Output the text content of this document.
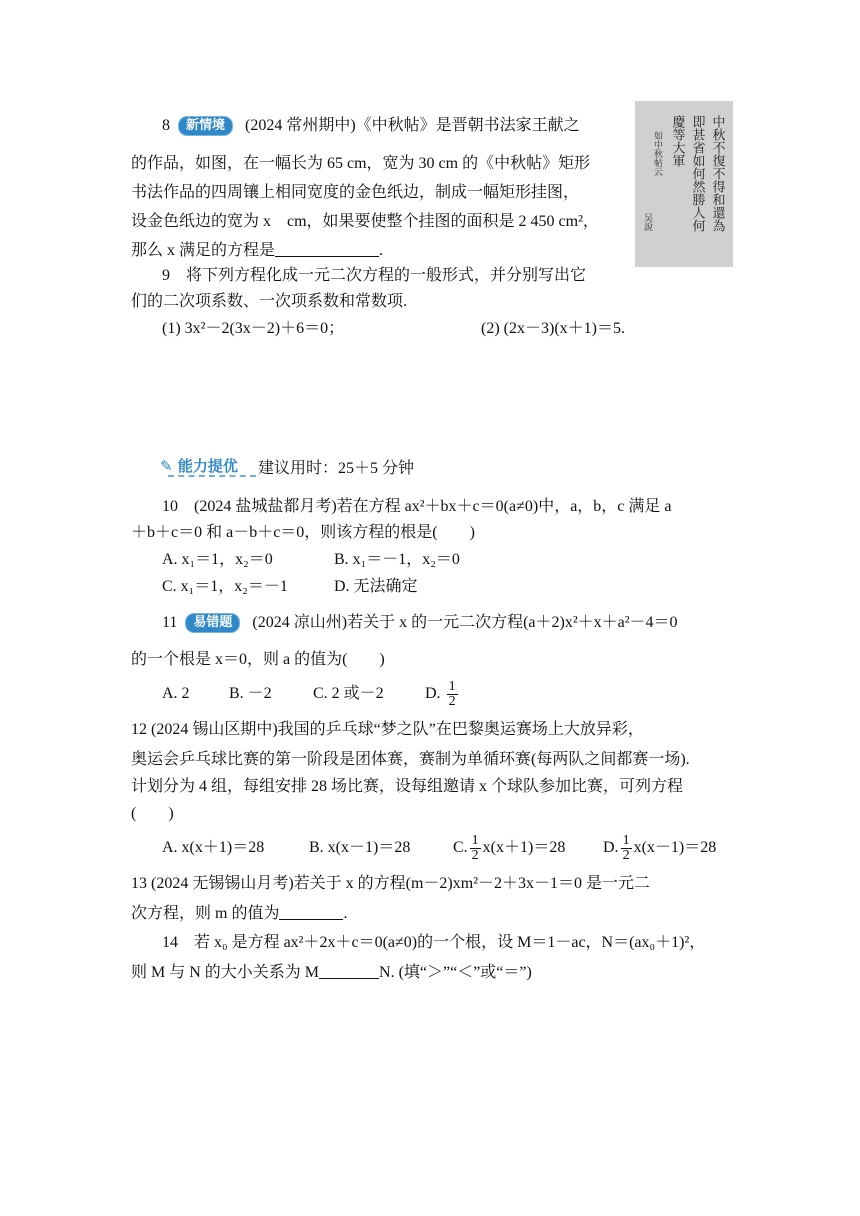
8 新情境 (2024 常州期中)《中秋帖》是晋朝书法家王献之
的作品，如图，在一幅长为 65 cm，宽为 30 cm 的《中秋帖》矩形
书法作品的四周镶上相同宽度的金色纸边，制成一幅矩形挂图，
设金色纸边的宽为 x　cm，如果要使整个挂图的面积是 2 450 cm²，
那么 x 满足的方程是	.
中秋不復不得和還為
即甚省如何然勝人何
慶等大軍
如中秋帖云
吴說
9 将下列方程化成一元二次方程的一般形式，并分别写出它
们的二次项系数、一次项系数和常数项.
(1) 3x²－2(3x－2)＋6＝0；	(2) (2x－3)(x＋1)＝5.
✎ 能力提优 建议用时：25＋5 分钟
10 (2024 盐城盐都月考)若在方程 ax²＋bx＋c＝0(a≠0)中，a，b，c 满足 a
＋b＋c＝0 和 a－b＋c＝0，则该方程的根是(　　)
A. x₁＝1，x₂＝0	B. x₁＝－1，x₂＝0
C. x₁＝1，x₂＝－1	D. 无法确定
11 易错题 (2024 凉山州)若关于 x 的一元二次方程(a＋2)x²＋x＋a²－4＝0
的一个根是 x＝0，则 a 的值为(　　)
A. 2 B. －2	C. 2 或－2	D. $\frac{1}{2}$
12 (2024 锡山区期中)我国的乒乓球“梦之队”在巴黎奥运赛场上大放异彩，
奥运会乒乓球比赛的第一阶段是团体赛，赛制为单循环赛(每两队之间都赛一场).
计划分为 4 组，每组安排 28 场比赛，设每组邀请 x 个球队参加比赛，可列方程
(　　)
A. x(x＋1)＝28	B. x(x－1)＝28	C. $\frac{1}{2} x(x+1)=28$ D. $\frac{1}{2} x(x-1)=28$
13 (2024 无锡锡山月考)若关于 x 的方程(m－2)xm²－2＋3x－1＝0 是一元二
次方程，则 m 的值为	.
14 若 x₀ 是方程 ax²＋2x＋c＝0(a≠0)的一个根，设 M＝1－ac，N＝(ax₀＋1)²，
则 M 与 N 的大小关系为 M	N. (填“＞”“＜”或“＝”)
